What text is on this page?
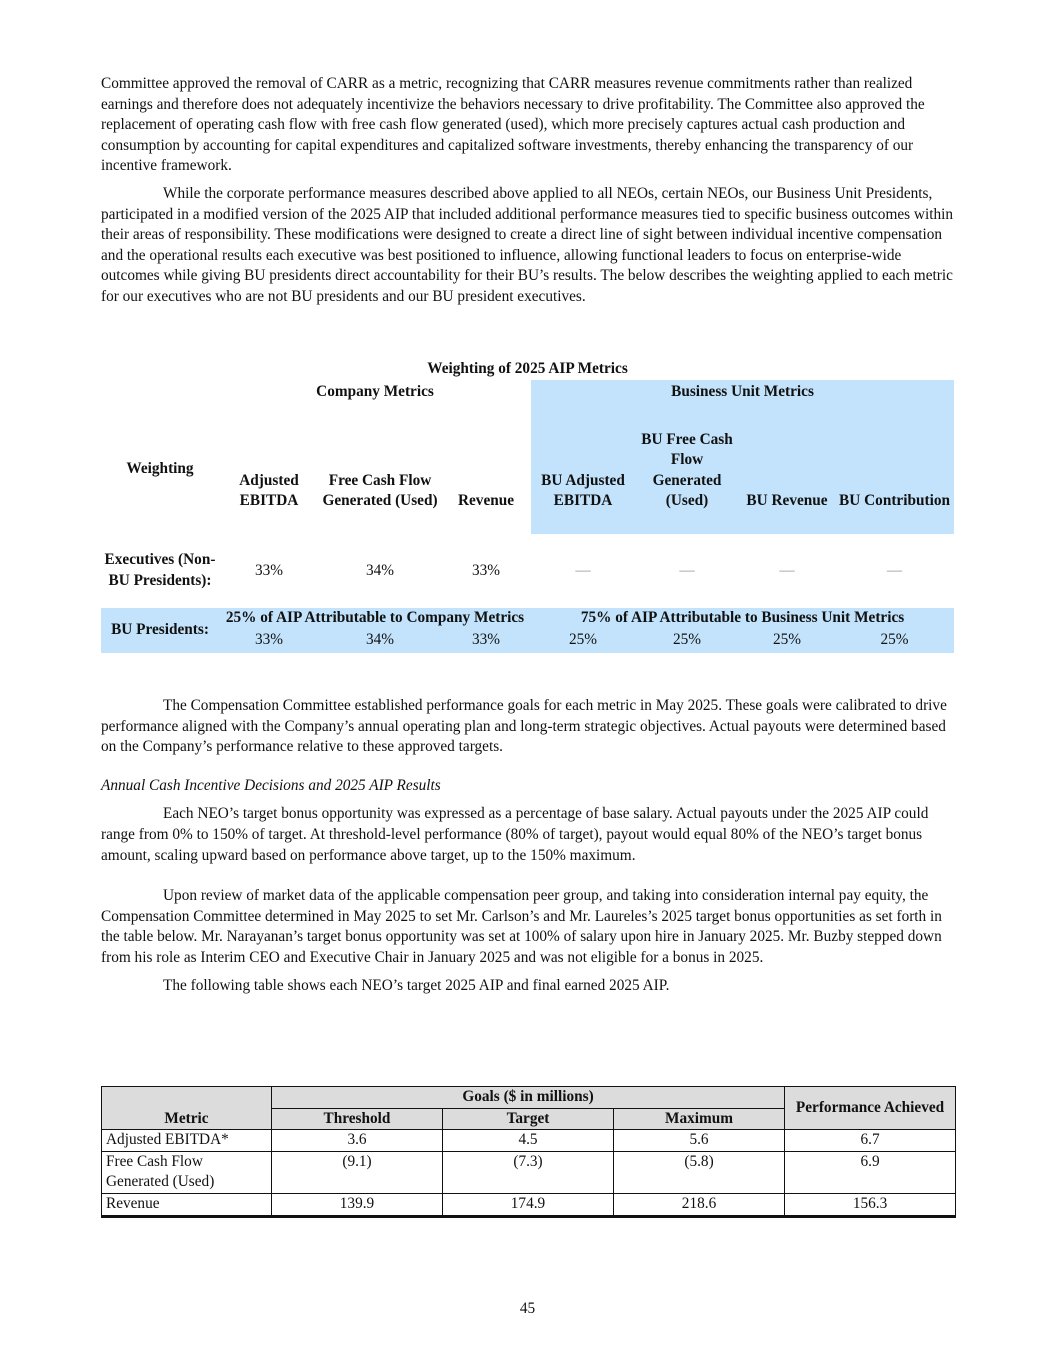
Committee approved the removal of CARR as a metric, recognizing that CARR measures revenue commitments rather than realized earnings and therefore does not adequately incentivize the behaviors necessary to drive profitability. The Committee also approved the replacement of operating cash flow with free cash flow generated (used), which more precisely captures actual cash production and consumption by accounting for capital expenditures and capitalized software investments, thereby enhancing the transparency of our incentive framework.

While the corporate performance measures described above applied to all NEOs, certain NEOs, our Business Unit Presidents, participated in a modified version of the 2025 AIP that included additional performance measures tied to specific business outcomes within their areas of responsibility. These modifications were designed to create a direct line of sight between individual incentive compensation and the operational results each executive was best positioned to influence, allowing functional leaders to focus on enterprise-wide outcomes while giving BU presidents direct accountability for their BU’s results. The below describes the weighting applied to each metric for our executives who are not BU presidents and our BU president executives.

Weighting of 2025 AIP Metrics							
	Company Metrics			Business Unit Metrics			
Weighting	Adjusted EBITDA	Free Cash Flow Generated (Used)	Revenue	BU Adjusted EBITDA	BU Free Cash Flow Generated (Used)	BU Revenue	BU Contribution
Executives (Non-BU Presidents):	33%	34%	33%	—	—	—	—
BU Presidents:	25% of AIP Attributable to Company Metrics			75% of AIP Attributable to Business Unit Metrics			
	33%	34%	33%	25%	25%	25%	25%

The Compensation Committee established performance goals for each metric in May 2025. These goals were calibrated to drive performance aligned with the Company’s annual operating plan and long-term strategic objectives. Actual payouts were determined based on the Company’s performance relative to these approved targets.

Annual Cash Incentive Decisions and 2025 AIP Results

Each NEO’s target bonus opportunity was expressed as a percentage of base salary. Actual payouts under the 2025 AIP could range from 0% to 150% of target. At threshold-level performance (80% of target), payout would equal 80% of the NEO’s target bonus amount, scaling upward based on performance above target, up to the 150% maximum.

Upon review of market data of the applicable compensation peer group, and taking into consideration internal pay equity, the Compensation Committee determined in May 2025 to set Mr. Carlson’s and Mr. Laureles’s 2025 target bonus opportunities as set forth in the table below. Mr. Narayanan’s target bonus opportunity was set at 100% of salary upon hire in January 2025. Mr. Buzby stepped down from his role as Interim CEO and Executive Chair in January 2025 and was not eligible for a bonus in 2025.

The following table shows each NEO’s target 2025 AIP and final earned 2025 AIP.

Metric	Goals ($ in millions)			Performance Achieved
	Threshold	Target	Maximum	
Adjusted EBITDA*	3.6	4.5	5.6	6.7
Free Cash Flow Generated (Used)	(9.1)	(7.3)	(5.8)	6.9
Revenue	139.9	174.9	218.6	156.3
45
